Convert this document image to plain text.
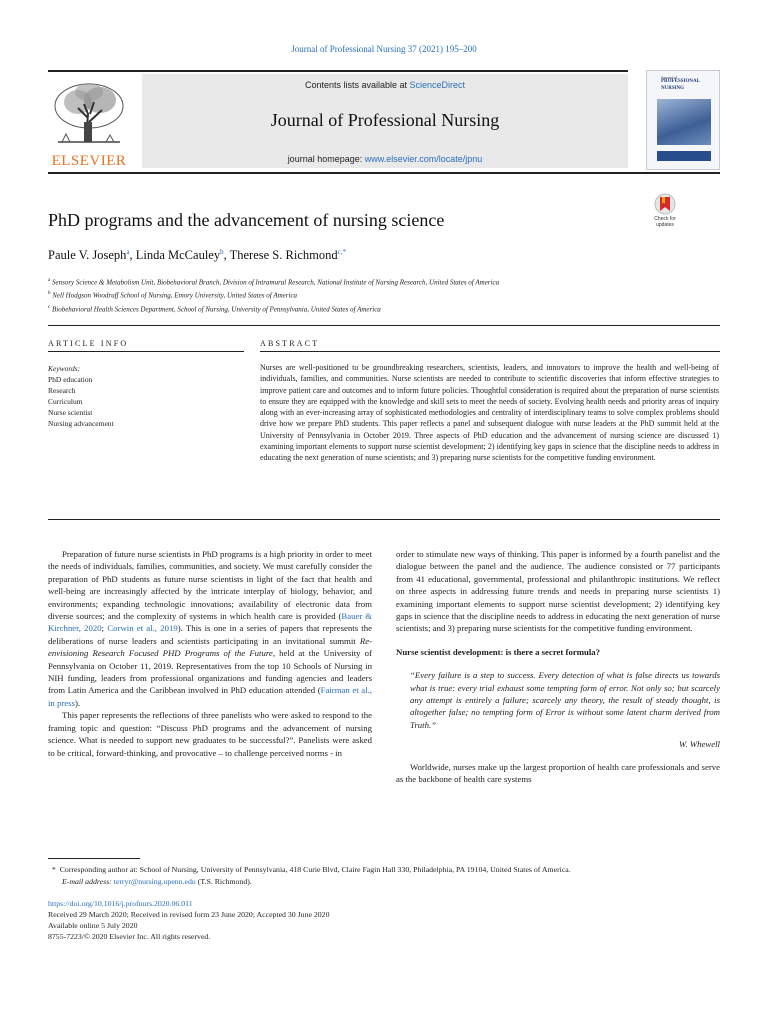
Journal of Professional Nursing 37 (2021) 195–200
ELSEVIER
Contents lists available at ScienceDirect
Journal of Professional Nursing
journal homepage: www.elsevier.com/locate/jpnu
Journal of
PROFESSIONAL
NURSING
PhD programs and the advancement of nursing science	Check for
updates
Paule V. Joseph$^a$, Linda McCauley$^b$, Therese S. Richmond$^{c,*}$
$^a$ Sensory Science & Metabolism Unit, Biobehavioral Branch, Division of Intramural Research, National Institute of Nursing Research, United States of America
$^b$ Nell Hodgson Woodruff School of Nursing, Emory University, United States of America
$^c$ Biobehavioral Health Sciences Department, School of Nursing, University of Pennsylvania, United States of America
ARTICLE INFO	ABSTRACT
Keywords:
PhD education
Research
Curriculum
Nurse scientist
Nursing advancement
Nurses are well-positioned to be groundbreaking researchers, scientists, leaders, and innovators to improve the health and well-being of individuals, families, and communities. Nurse scientists are needed to contribute to scientific discoveries that inform effective strategies to improve patient care and outcomes and to inform future policies. Thoughtful consideration is required about the preparation of nurse scientists to ensure they are equipped with the knowledge and skill sets to meet the needs of society. Evolving health needs and priority areas of inquiry along with an ever-increasing array of sophisticated methodologies and centrality of interdisciplinary teams to solve complex problems should drive how we prepare PhD students. This paper reflects a panel and subsequent dialogue with nurse leaders at the PhD summit held at the University of Pennsylvania in October 2019. Three aspects of PhD education and the advancement of nursing science are discussed 1) examining important elements to support nurse scientist development; 2) identifying key gaps in science that the discipline needs to address in educating the next generation of nurse scientists; and 3) preparing nurse scientists for the competitive funding environment.

Preparation of future nurse scientists in PhD programs is a high priority in order to meet the needs of individuals, families, communities, and society. We must carefully consider the preparation of PhD students as future nurse scientists in light of the fact that health and well-being are increasingly affected by the intricate interplay of biology, behavior, and environments; expanding technologic innovations; availability of electronic data from diverse sources; and the complexity of systems in which health care is provided (Bauer & Kirchner, 2020; Corwin et al., 2019). This is one in a series of papers that represents the deliberations of nurse leaders and scientists participating in an invitational summit Re-envisioning Research Focused PHD Programs of the Future, held at the University of Pennsylvania on October 11, 2019. Representatives from the top 10 Schools of Nursing in NIH funding, leaders from professional organizations and funding agencies and leaders from Latin America and the Caribbean involved in PhD education attended (Fairman et al., in press).

This paper represents the reflections of three panelists who were asked to respond to the framing topic and question: “Discuss PhD programs and the advancement of nursing science. What is needed to support new graduates to be successful?”. Panelists were asked to be critical, forward-thinking, and provocative – to challenge perceived norms - in

order to stimulate new ways of thinking. This paper is informed by a fourth panelist and the dialogue between the panel and the audience. The audience consisted or 77 participants from 41 educational, governmental, professional and philanthropic institutions. We reflect on three aspects in addressing future trends and needs in preparing nurse scientists 1) examining important elements to support nurse scientist development; 2) identifying key gaps in science that the discipline needs to address in educating the next generation of nurse scientists; and 3) preparing nurse scientists for the competitive funding environment.

Nurse scientist development: is there a secret formula?

“Every failure is a step to success. Every detection of what is false directs us towards what is true: every trial exhaust some tempting form of error. Not only so; but scarcely any attempt is entirely a failure; scarcely any theory, the result of steady thought, is altogether false; no tempting form of Error is without some latent charm derived from Truth.”

W. Whewell

Worldwide, nurses make up the largest proportion of health care professionals and serve as the backbone of health care systems

* Corresponding author at: School of Nursing, University of Pennsylvania, 418 Curie Blvd, Claire Fagin Hall 330, Philadelphia, PA 19104, United States of America.
E-mail address: terryr@nursing.upenn.edu (T.S. Richmond).
https://doi.org/10.1016/j.profnurs.2020.06.011
Received 29 March 2020; Received in revised form 23 June 2020; Accepted 30 June 2020
Available online 5 July 2020
8755-7223/© 2020 Elsevier Inc. All rights reserved.
